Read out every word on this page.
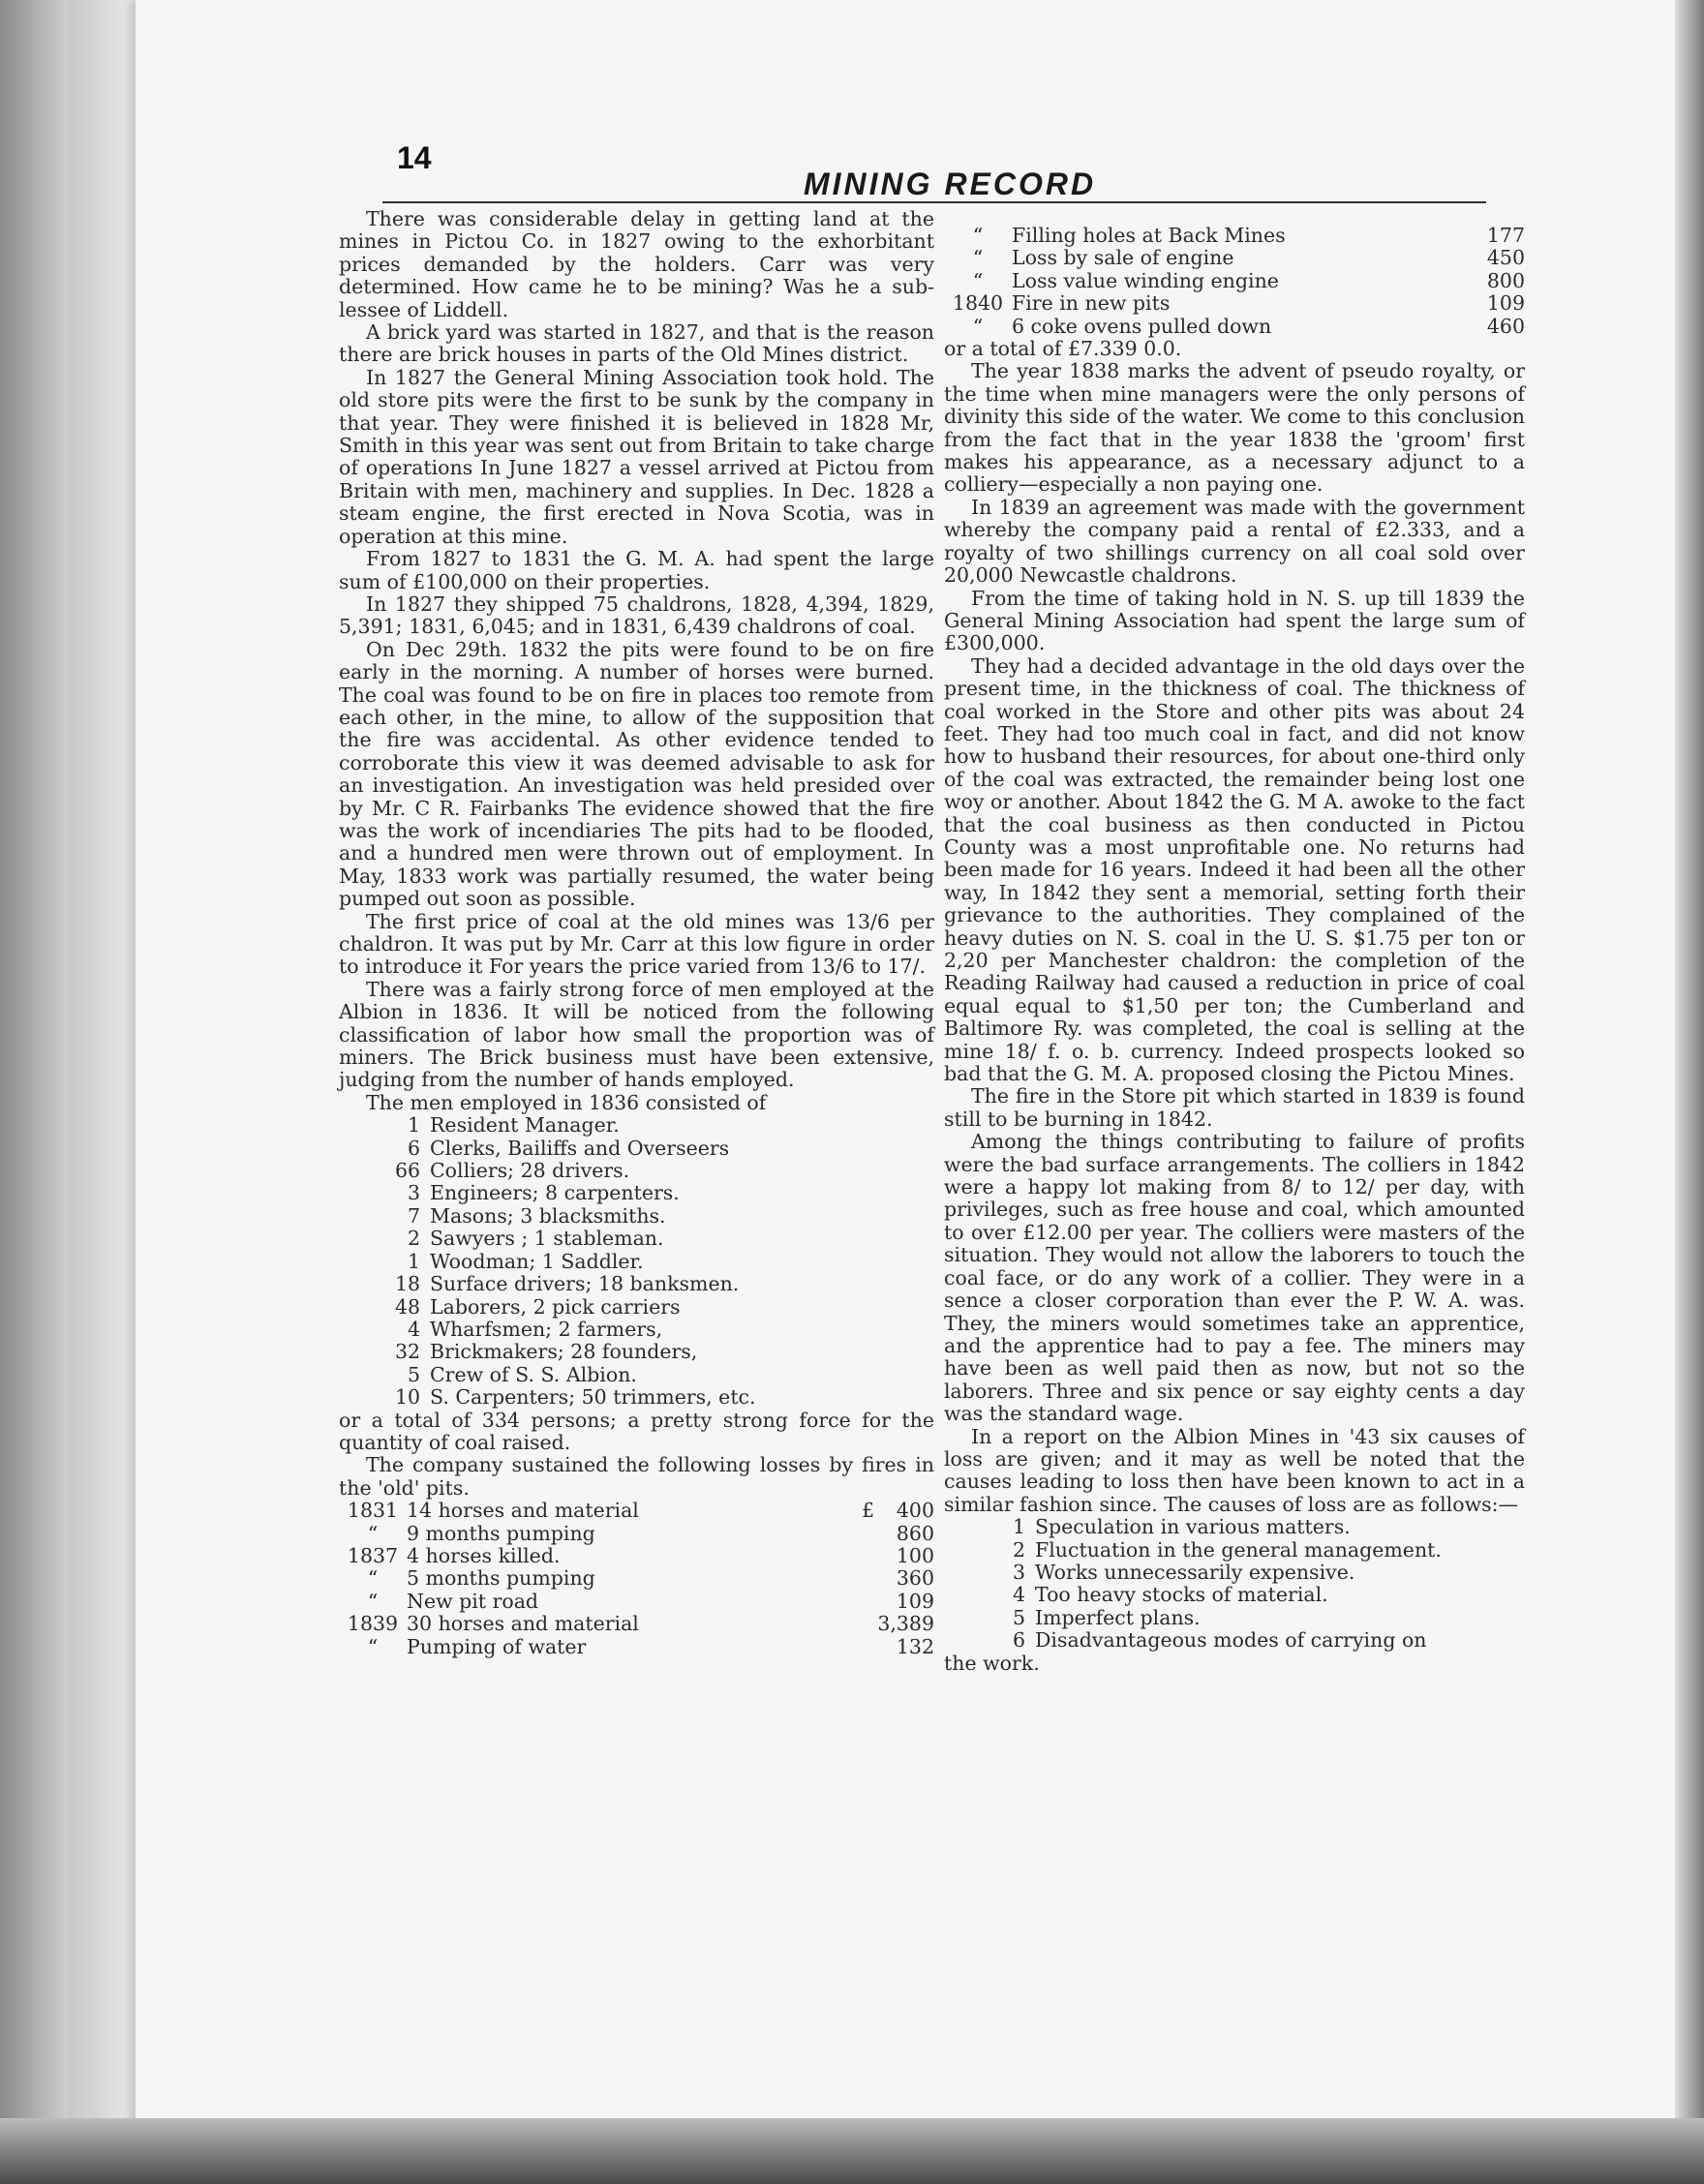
14
MINING RECORD

There was considerable delay in getting land at the mines in Pictou Co. in 1827 owing to the exhorbitant prices demanded by the holders. Carr was very determined. How came he to be mining? Was he a sub-lessee of Liddell.

A brick yard was started in 1827, and that is the reason there are brick houses in parts of the Old Mines district.

In 1827 the General Mining Association took hold. The old store pits were the first to be sunk by the company in that year. They were finished it is believed in 1828 Mr, Smith in this year was sent out from Britain to take charge of operations In June 1827 a vessel arrived at Pictou from Britain with men, machinery and supplies. In Dec. 1828 a steam engine, the first erected in Nova Scotia, was in operation at this mine.

From 1827 to 1831 the G. M. A. had spent the large sum of £100,000 on their properties.

In 1827 they shipped 75 chaldrons, 1828, 4,394, 1829, 5,391; 1831, 6,045; and in 1831, 6,439 chaldrons of coal.

On Dec 29th. 1832 the pits were found to be on fire early in the morning. A number of horses were burned. The coal was found to be on fire in places too remote from each other, in the mine, to allow of the supposition that the fire was accidental. As other evidence tended to corroborate this view it was deemed advisable to ask for an investigation. An investigation was held presided over by Mr. C R. Fairbanks The evidence showed that the fire was the work of incendiaries The pits had to be flooded, and a hundred men were thrown out of employment. In May, 1833 work was partially resumed, the water being pumped out soon as possible.

The first price of coal at the old mines was 13/6 per chaldron. It was put by Mr. Carr at this low figure in order to introduce it For years the price varied from 13/6 to 17/.

There was a fairly strong force of men employed at the Albion in 1836. It will be noticed from the following classification of labor how small the proportion was of miners. The Brick business must have been extensive, judging from the number of hands employed.

The men employed in 1836 consisted of

1 Resident Manager.
6 Clerks, Bailiffs and Overseers
66 Colliers; 28 drivers.
3 Engineers; 8 carpenters.
7 Masons; 3 blacksmiths.
2 Sawyers ; 1 stableman.
1 Woodman; 1 Saddler.
18 Surface drivers; 18 banksmen.
48 Laborers, 2 pick carriers
4 Wharfsmen; 2 farmers,
32 Brickmakers; 28 founders,
5 Crew of S. S. Albion.
10 S. Carpenters; 50 trimmers, etc.

or a total of 334 persons; a pretty strong force for the quantity of coal raised.

The company sustained the following losses by fires in the 'old' pits.

1831	14 horses and material	£	400
“	9 months pumping		860
1837	4 horses killed.		100
“	5 months pumping		360
“	New pit road		109
1839	30 horses and material		3,389
“	Pumping of water		132
“	Filling holes at Back Mines	177
“	Loss by sale of engine	450
“	Loss value winding engine	800
1840	Fire in new pits	109
“	6 coke ovens pulled down	460

or a total of £7.339 0.0.

The year 1838 marks the advent of pseudo royalty, or the time when mine managers were the only persons of divinity this side of the water. We come to this conclusion from the fact that in the year 1838 the 'groom' first makes his appearance, as a necessary adjunct to a colliery—especially a non paying one.

In 1839 an agreement was made with the government whereby the company paid a rental of £2.333, and a royalty of two shillings currency on all coal sold over 20,000 Newcastle chaldrons.

From the time of taking hold in N. S. up till 1839 the General Mining Association had spent the large sum of £300,000.

They had a decided advantage in the old days over the present time, in the thickness of coal. The thickness of coal worked in the Store and other pits was about 24 feet. They had too much coal in fact, and did not know how to husband their resources, for about one-third only of the coal was extracted, the remainder being lost one woy or another. About 1842 the G. M A. awoke to the fact that the coal business as then conducted in Pictou County was a most unprofitable one. No returns had been made for 16 years. Indeed it had been all the other way, In 1842 they sent a memorial, setting forth their grievance to the authorities. They complained of the heavy duties on N. S. coal in the U. S. $1.75 per ton or 2,20 per Manchester chaldron: the completion of the Reading Railway had caused a reduction in price of coal equal equal to $1,50 per ton; the Cumberland and Baltimore Ry. was completed, the coal is selling at the mine 18/ f. o. b. currency. Indeed prospects looked so bad that the G. M. A. proposed closing the Pictou Mines.

The fire in the Store pit which started in 1839 is found still to be burning in 1842.

Among the things contributing to failure of profits were the bad surface arrangements. The colliers in 1842 were a happy lot making from 8/ to 12/ per day, with privileges, such as free house and coal, which amounted to over £12.00 per year. The colliers were masters of the situation. They would not allow the laborers to touch the coal face, or do any work of a collier. They were in a sence a closer corporation than ever the P. W. A. was. They, the miners would sometimes take an apprentice, and the apprentice had to pay a fee. The miners may have been as well paid then as now, but not so the laborers. Three and six pence or say eighty cents a day was the standard wage.

In a report on the Albion Mines in '43 six causes of loss are given; and it may as well be noted that the causes leading to loss then have been known to act in a similar fashion since. The causes of loss are as follows:—

1 Speculation in various matters.
2 Fluctuation in the general management.
3 Works unnecessarily expensive.
4 Too heavy stocks of material.
5 Imperfect plans.
6 Disadvantageous modes of carrying on

the work.
